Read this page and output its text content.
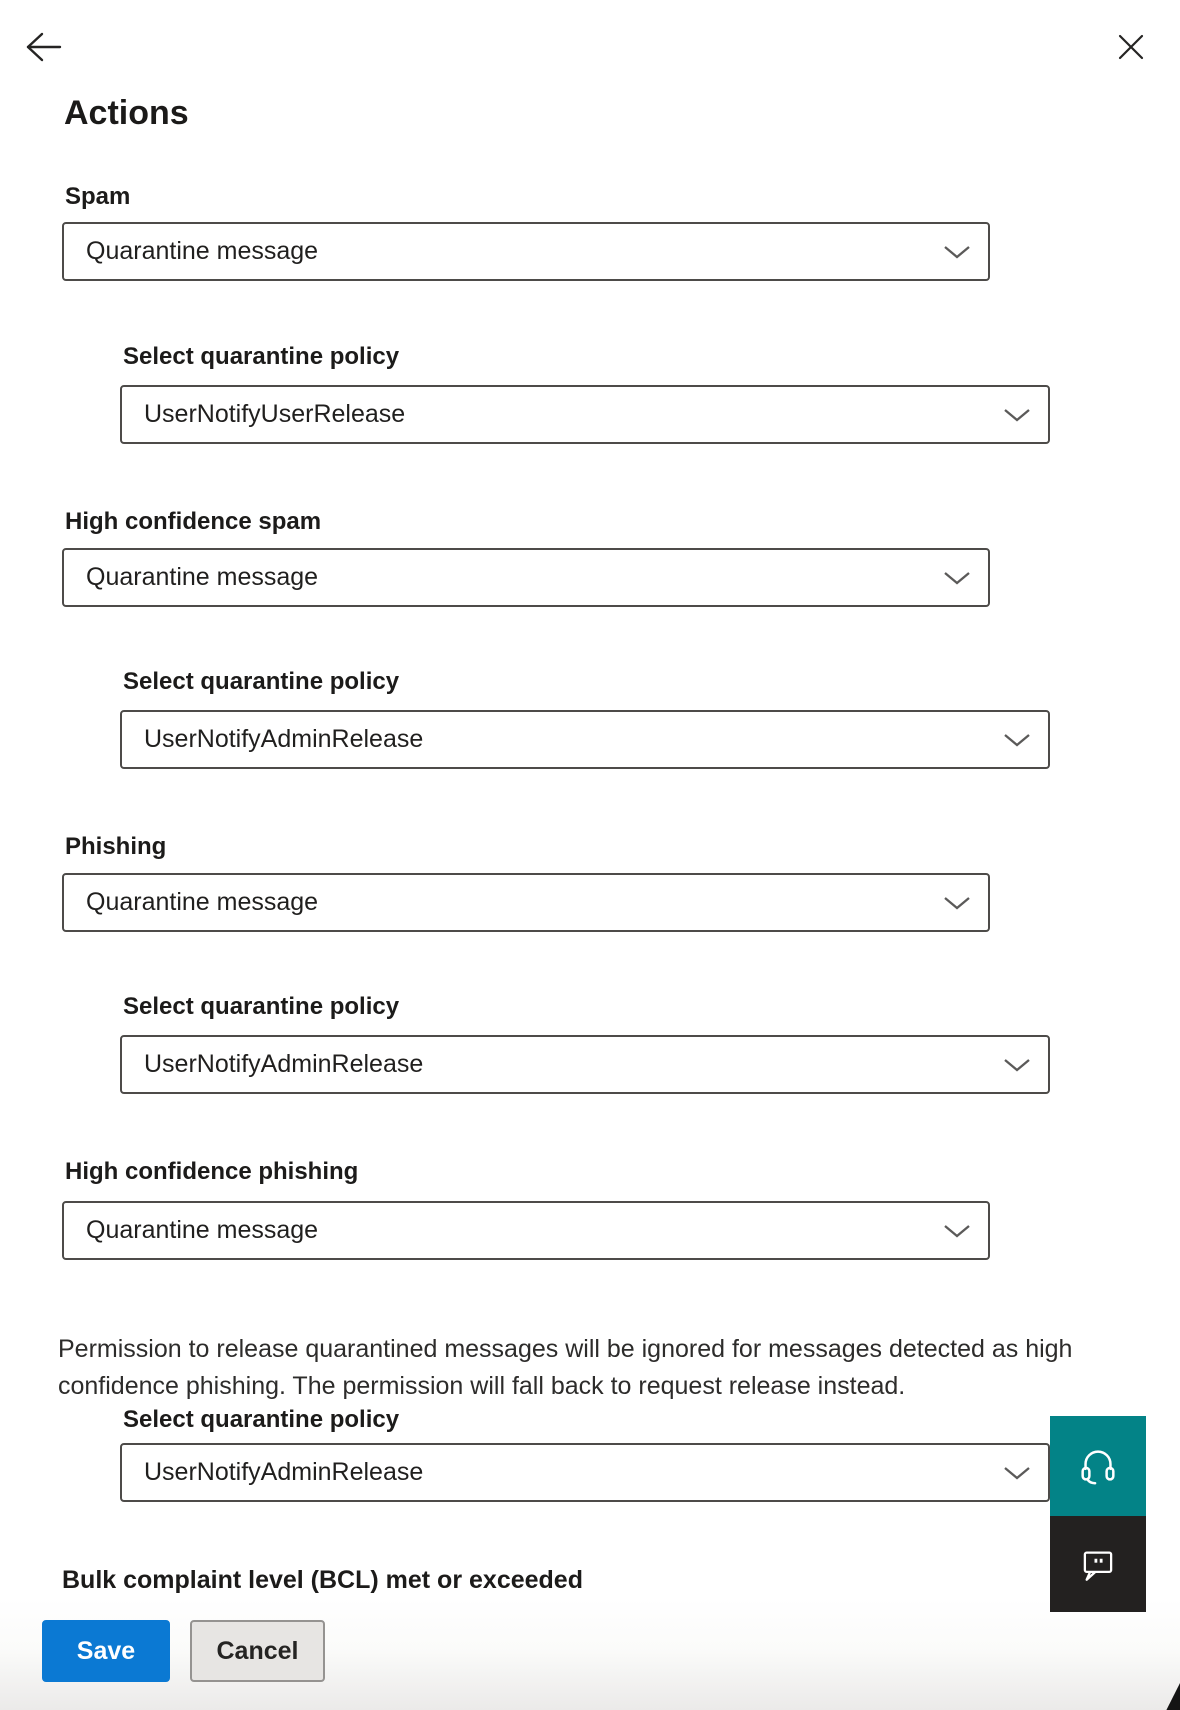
Actions
Spam
Quarantine message
Select quarantine policy
UserNotifyUserRelease
High confidence spam
Quarantine message
Select quarantine policy
UserNotifyAdminRelease
Phishing
Quarantine message
Select quarantine policy
UserNotifyAdminRelease
High confidence phishing
Quarantine message

Permission to release quarantined messages will be ignored for messages detected as high confidence phishing. The permission will fall back to request release instead.

Select quarantine policy
UserNotifyAdminRelease
Bulk complaint level (BCL) met or exceeded
Save	Cancel
